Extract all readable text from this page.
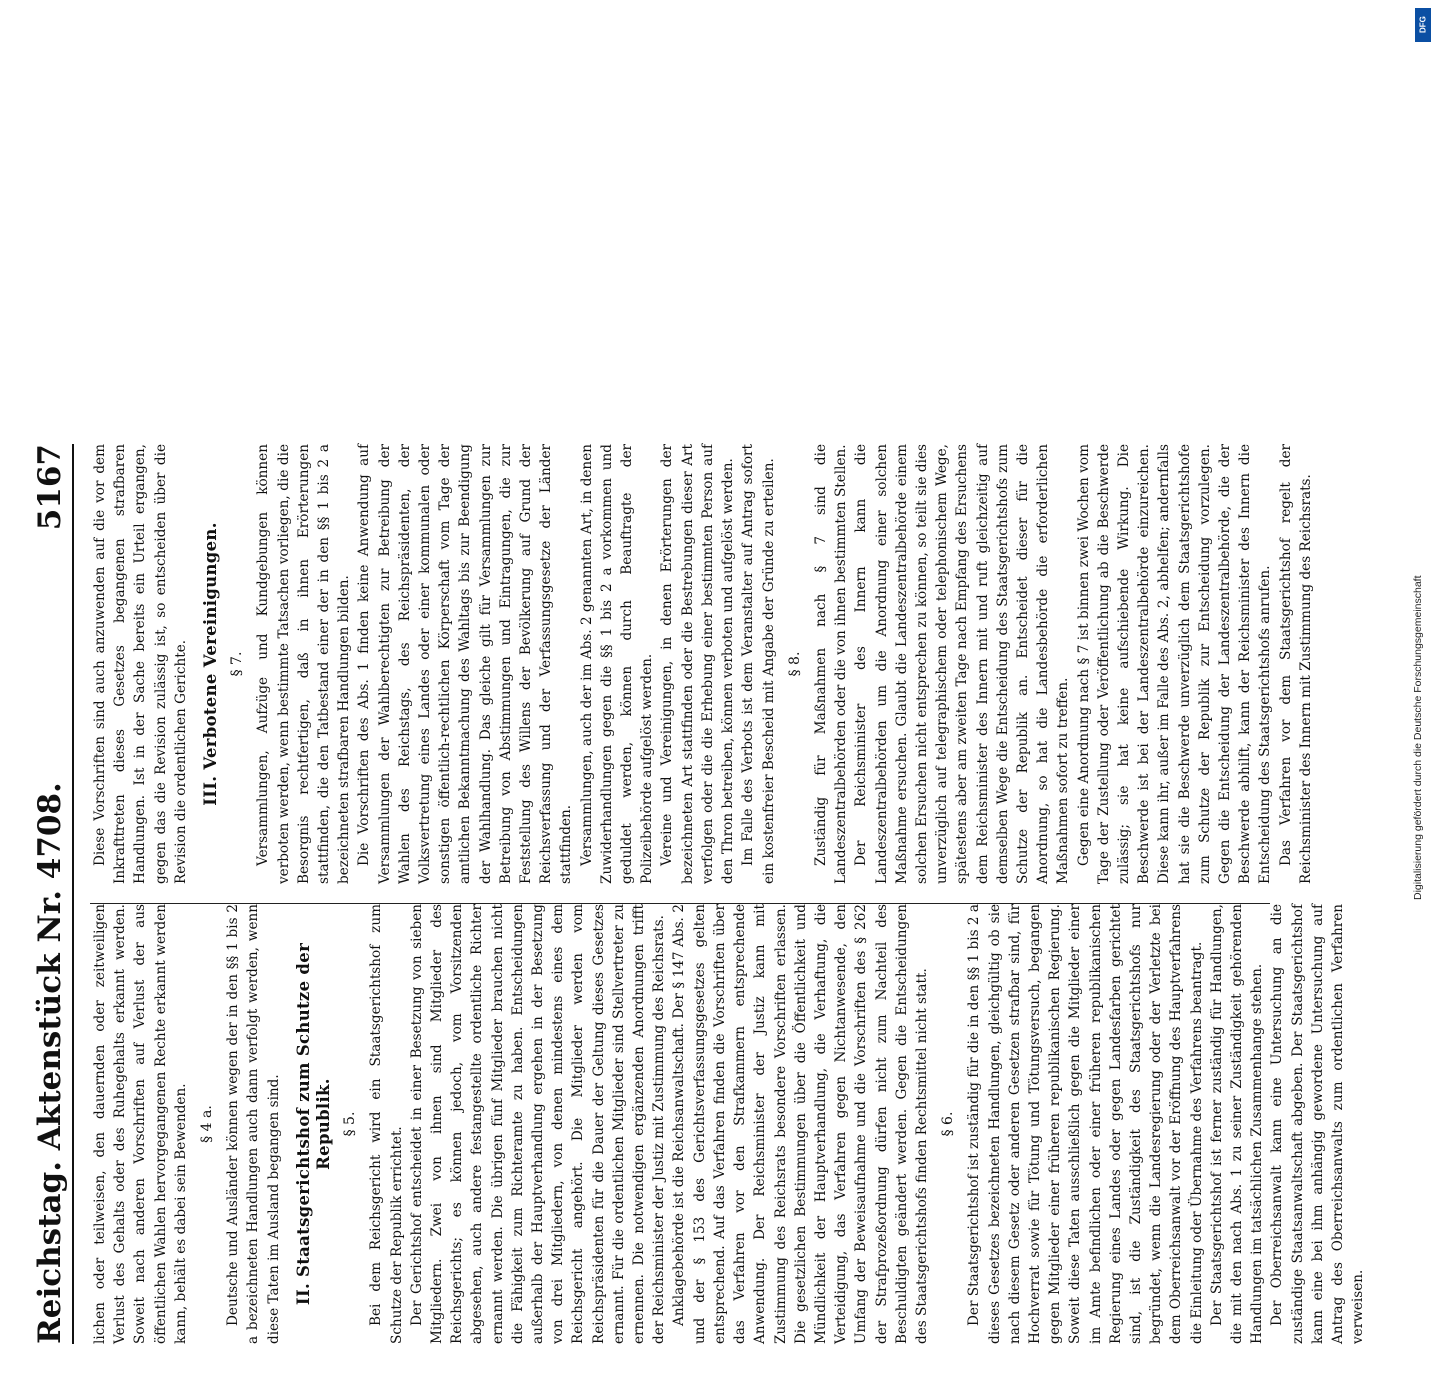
Reichstag. Aktenstück Nr. 4708.
5167

lichen oder teilweisen, den dauernden oder zeitweiligen Verlust des Gehalts oder des Ruhegehalts erkannt werden. Soweit nach anderen Vorschriften auf Verlust der aus öffentlichen Wahlen hervorgegangenen Rechte erkannt werden kann, behält es dabei sein Bewenden. § 4 a. Deutsche und Ausländer können wegen der in den §§ 1 bis 2 a bezeichneten Handlungen auch dann verfolgt werden, wenn diese Taten im Ausland begangen sind. II. Staatsgerichtshof zum Schutze der Republik. § 5. Bei dem Reichsgericht wird ein Staatsgerichtshof zum Schutze der Republik errichtet. Der Gerichtshof entscheidet in einer Besetzung von sieben Mitgliedern. Zwei von ihnen sind Mitglieder des Reichsgerichts; es können jedoch, vom Vorsitzenden abgesehen, auch andere festangestellte ordentliche Richter ernannt werden. Die übrigen fünf Mitglieder brauchen nicht die Fähigkeit zum Richteramte zu haben. Entscheidungen außerhalb der Hauptverhandlung ergehen in der Besetzung von drei Mitgliedern, von denen mindestens eines dem Reichsgericht angehört. Die Mitglieder werden vom Reichspräsidenten für die Dauer der Geltung dieses Gesetzes ernannt. Für die ordentlichen Mitglieder sind Stellvertreter zu ernennen. Die notwendigen ergänzenden Anordnungen trifft der Reichsminister der Justiz mit Zustimmung des Reichsrats. Anklagebehörde ist die Reichsanwaltschaft. Der § 147 Abs. 2 und der § 153 des Gerichtsverfassungsgesetzes gelten entsprechend. Auf das Verfahren finden die Vorschriften über das Verfahren vor den Strafkammern entsprechende Anwendung. Der Reichsminister der Justiz kann mit Zustimmung des Reichsrats besondere Vorschriften erlassen. Die gesetzlichen Bestimmungen über die Öffentlichkeit und Mündlichkeit der Hauptverhandlung, die Verhaftung, die Verteidigung, das Verfahren gegen Nichtanwesende, den Umfang der Beweisaufnahme und die Vorschriften des § 262 der Strafprozeßordnung dürfen nicht zum Nachteil des Beschuldigten geändert werden. Gegen die Entscheidungen des Staatsgerichtshofs finden Rechtsmittel nicht statt. § 6. Der Staatsgerichtshof ist zuständig für die in den §§ 1 bis 2 a dieses Gesetzes bezeichneten Handlungen, gleichgültig ob sie nach diesem Gesetz oder anderen Gesetzen strafbar sind, für Hochverrat sowie für Tötung und Tötungsversuch, begangen gegen Mitglieder einer früheren republikanischen Regierung. Soweit diese Taten ausschließlich gegen die Mitglieder einer im Amte befindlichen oder einer früheren republikanischen Regierung eines Landes oder gegen Landesfarben gerichtet sind, ist die Zuständigkeit des Staatsgerichtshofs nur begründet, wenn die Landesregierung oder der Verletzte bei dem Oberreichsanwalt vor der Eröffnung des Hauptverfahrens die Einleitung oder Übernahme des Verfahrens beantragt. Der Staatsgerichtshof ist ferner zuständig für Handlungen, die mit den nach Abs. 1 zu seiner Zuständigkeit gehörenden Handlungen im tatsächlichen Zusammenhange stehen. Der Oberreichsanwalt kann eine Untersuchung an die zuständige Staatsanwaltschaft abgeben. Der Staatsgerichtshof kann eine bei ihm anhängig gewordene Untersuchung auf Antrag des Oberreichsanwalts zum ordentlichen Verfahren verweisen.

Diese Vorschriften sind auch anzuwenden auf die vor dem Inkrafttreten dieses Gesetzes begangenen strafbaren Handlungen. Ist in der Sache bereits ein Urteil ergangen, gegen das die Revision zulässig ist, so entscheiden über die Revision die ordentlichen Gerichte. III. Verbotene Vereinigungen. § 7. Versammlungen, Aufzüge und Kundgebungen können verboten werden, wenn bestimmte Tatsachen vorliegen, die die Besorgnis rechtfertigen, daß in ihnen Erörterungen stattfinden, die den Tatbestand einer der in den §§ 1 bis 2 a bezeichneten strafbaren Handlungen bilden. Die Vorschriften des Abs. 1 finden keine Anwendung auf Versammlungen der Wahlberechtigten zur Betreibung der Wahlen des Reichstags, des Reichspräsidenten, der Volksvertretung eines Landes oder einer kommunalen oder sonstigen öffentlich-rechtlichen Körperschaft vom Tage der amtlichen Bekanntmachung des Wahltags bis zur Beendigung der Wahlhandlung. Das gleiche gilt für Versammlungen zur Betreibung von Abstimmungen und Eintragungen, die zur Feststellung des Willens der Bevölkerung auf Grund der Reichsverfassung und der Verfassungsgesetze der Länder stattfinden. Versammlungen, auch der im Abs. 2 genannten Art, in denen Zuwiderhandlungen gegen die §§ 1 bis 2 a vorkommen und geduldet werden, können durch Beauftragte der Polizeibehörde aufgelöst werden. Vereine und Vereinigungen, in denen Erörterungen der bezeichneten Art stattfinden oder die Bestrebungen dieser Art verfolgen oder die die Erhebung einer bestimmten Person auf den Thron betreiben, können verboten und aufgelöst werden. Im Falle des Verbots ist dem Veranstalter auf Antrag sofort ein kostenfreier Bescheid mit Angabe der Gründe zu erteilen. § 8. Zuständig für Maßnahmen nach § 7 sind die Landeszentralbehörden oder die von ihnen bestimmten Stellen. Der Reichsminister des Innern kann die Landeszentralbehörden um die Anordnung einer solchen Maßnahme ersuchen. Glaubt die Landeszentralbehörde einem solchen Ersuchen nicht entsprechen zu können, so teilt sie dies unverzüglich auf telegraphischem oder telephonischem Wege, spätestens aber am zweiten Tage nach Empfang des Ersuchens dem Reichsminister des Innern mit und ruft gleichzeitig auf demselben Wege die Entscheidung des Staatsgerichtshofs zum Schutze der Republik an. Entscheidet dieser für die Anordnung, so hat die Landesbehörde die erforderlichen Maßnahmen sofort zu treffen. Gegen eine Anordnung nach § 7 ist binnen zwei Wochen vom Tage der Zustellung oder Veröffentlichung ab die Beschwerde zulässig; sie hat keine aufschiebende Wirkung. Die Beschwerde ist bei der Landeszentralbehörde einzureichen. Diese kann ihr, außer im Falle des Abs. 2, abhelfen; andernfalls hat sie die Beschwerde unverzüglich dem Staatsgerichtshofe zum Schutze der Republik zur Entscheidung vorzulegen. Gegen die Entscheidung der Landeszentralbehörde, die der Beschwerde abhilft, kann der Reichsminister des Innern die Entscheidung des Staatsgerichtshofs anrufen. Das Verfahren vor dem Staatsgerichtshof regelt der Reichsminister des Innern mit Zustimmung des Reichsrats.

DFG
Digitalisierung gefördert durch die Deutsche Forschungsgemeinschaft
